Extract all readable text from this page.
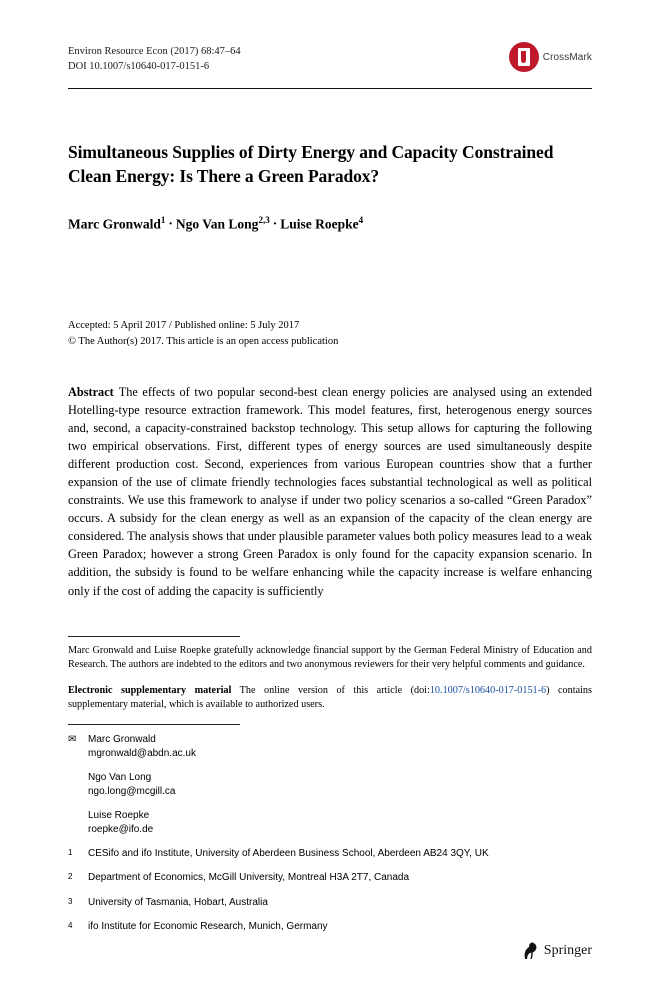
Environ Resource Econ (2017) 68:47–64
DOI 10.1007/s10640-017-0151-6
CrossMark
Simultaneous Supplies of Dirty Energy and Capacity Constrained Clean Energy: Is There a Green Paradox?
Marc Gronwald$^1$ · Ngo Van Long$^{2,3}$ · Luise Roepke$^4$
Accepted: 5 April 2017 / Published online: 5 July 2017
© The Author(s) 2017. This article is an open access publication
Abstract The effects of two popular second-best clean energy policies are analysed using an extended Hotelling-type resource extraction framework. This model features, first, heterogenous energy sources and, second, a capacity-constrained backstop technology. This setup allows for capturing the following two empirical observations. First, different types of energy sources are used simultaneously despite different production cost. Second, experiences from various European countries show that a further expansion of the use of climate friendly technologies faces substantial technological as well as political constraints. We use this framework to analyse if under two policy scenarios a so-called “Green Paradox” occurs. A subsidy for the clean energy as well as an expansion of the capacity of the clean energy are considered. The analysis shows that under plausible parameter values both policy measures lead to a weak Green Paradox; however a strong Green Paradox is only found for the capacity expansion scenario. In addition, the subsidy is found to be welfare enhancing while the capacity increase is welfare enhancing only if the cost of adding the capacity is sufficiently

Marc Gronwald and Luise Roepke gratefully acknowledge financial support by the German Federal Ministry of Education and Research. The authors are indebted to the editors and two anonymous reviewers for their very helpful comments and guidance.

Electronic supplementary material The online version of this article (doi:10.1007/s10640-017-0151-6) contains supplementary material, which is available to authorized users.

✉	Marc Gronwald
mgronwald@abdn.ac.uk
Ngo Van Long
ngo.long@mcgill.ca
Luise Roepke
roepke@ifo.de
1	CESifo and ifo Institute, University of Aberdeen Business School, Aberdeen AB24 3QY, UK
2	Department of Economics, McGill University, Montreal H3A 2T7, Canada
3	University of Tasmania, Hobart, Australia
4	ifo Institute for Economic Research, Munich, Germany
Springer
